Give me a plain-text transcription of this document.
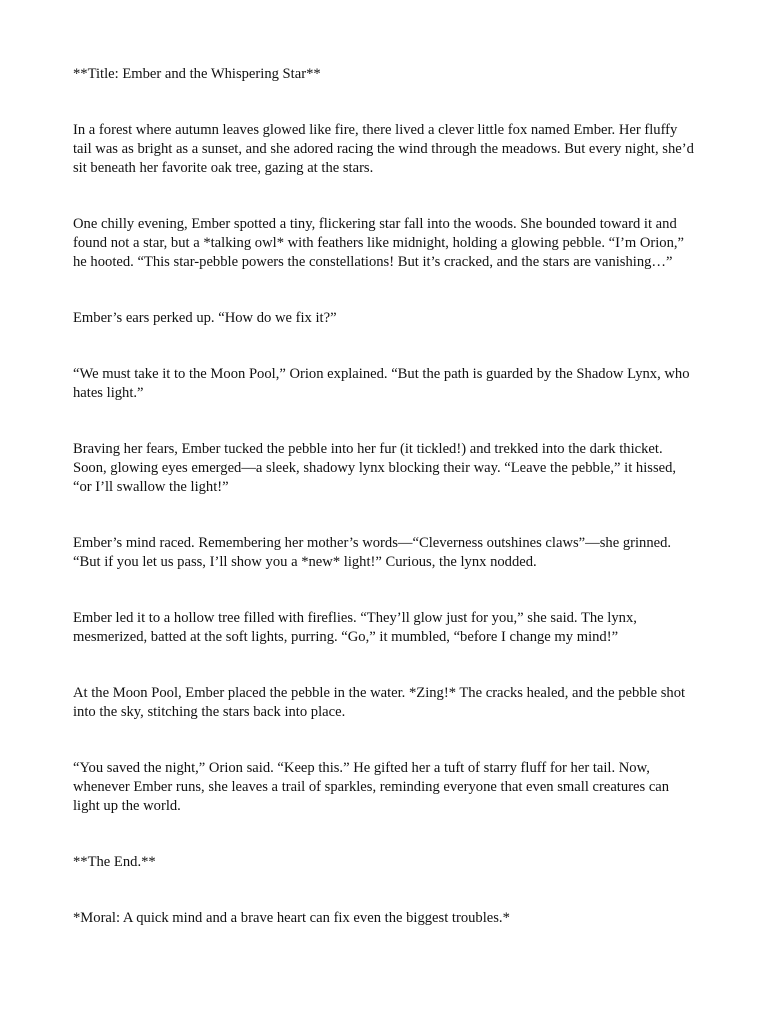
**Title: Ember and the Whispering Star**

In a forest where autumn leaves glowed like fire, there lived a clever little fox named Ember. Her fluffy tail was as bright as a sunset, and she adored racing the wind through the meadows. But every night, she’d sit beneath her favorite oak tree, gazing at the stars.

One chilly evening, Ember spotted a tiny, flickering star fall into the woods. She bounded toward it and found not a star, but a *talking owl* with feathers like midnight, holding a glowing pebble. “I’m Orion,” he hooted. “This star-pebble powers the constellations! But it’s cracked, and the stars are vanishing…”

Ember’s ears perked up. “How do we fix it?”

“We must take it to the Moon Pool,” Orion explained. “But the path is guarded by the Shadow Lynx, who hates light.”

Braving her fears, Ember tucked the pebble into her fur (it tickled!) and trekked into the dark thicket. Soon, glowing eyes emerged—a sleek, shadowy lynx blocking their way. “Leave the pebble,” it hissed, “or I’ll swallow the light!”

Ember’s mind raced. Remembering her mother’s words—“Cleverness outshines claws”—she grinned. “But if you let us pass, I’ll show you a *new* light!” Curious, the lynx nodded.

Ember led it to a hollow tree filled with fireflies. “They’ll glow just for you,” she said. The lynx, mesmerized, batted at the soft lights, purring. “Go,” it mumbled, “before I change my mind!”

At the Moon Pool, Ember placed the pebble in the water. *Zing!* The cracks healed, and the pebble shot into the sky, stitching the stars back into place.

“You saved the night,” Orion said. “Keep this.” He gifted her a tuft of starry fluff for her tail. Now, whenever Ember runs, she leaves a trail of sparkles, reminding everyone that even small creatures can light up the world.

**The End.**

*Moral: A quick mind and a brave heart can fix even the biggest troubles.*
